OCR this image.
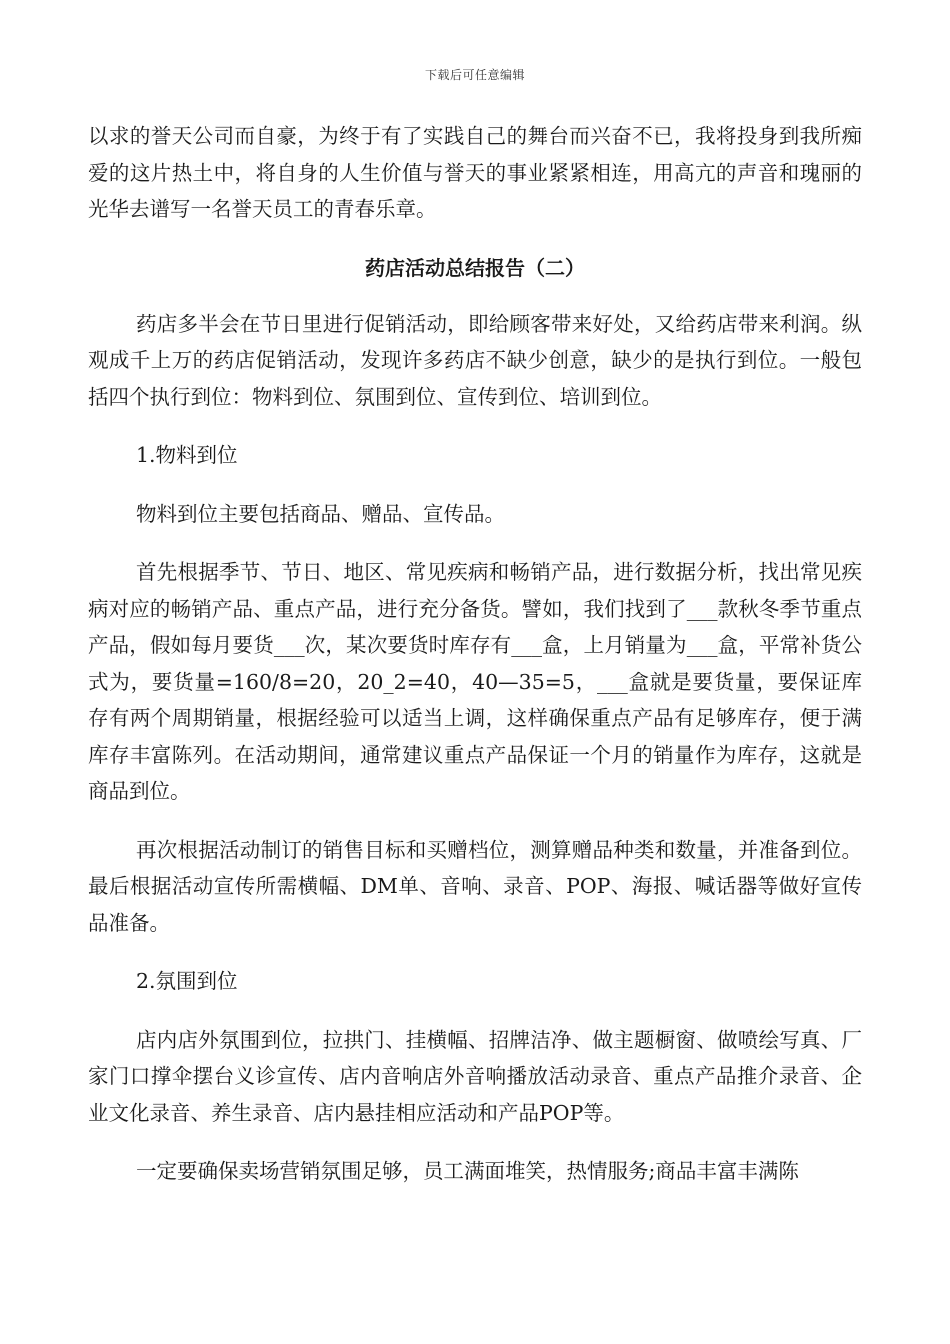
下载后可任意编辑

以求的誉天公司而自豪，为终于有了实践自己的舞台而兴奋不已，我将投身到我所痴爱的这片热土中，将自身的人生价值与誉天的事业紧紧相连，用高亢的声音和瑰丽的光华去谱写一名誉天员工的青春乐章。

药店活动总结报告（二）

药店多半会在节日里进行促销活动，即给顾客带来好处，又给药店带来利润。纵观成千上万的药店促销活动，发现许多药店不缺少创意，缺少的是执行到位。一般包括四个执行到位：物料到位、氛围到位、宣传到位、培训到位。

1.物料到位

物料到位主要包括商品、赠品、宣传品。

首先根据季节、节日、地区、常见疾病和畅销产品，进行数据分析，找出常见疾病对应的畅销产品、重点产品，进行充分备货。譬如，我们找到了___款秋冬季节重点产品，假如每月要货___次，某次要货时库存有___盒，上月销量为___盒，平常补货公式为，要货量=160/8=20，20_2=40，40—35=5，___盒就是要货量，要保证库存有两个周期销量，根据经验可以适当上调，这样确保重点产品有足够库存，便于满库存丰富陈列。在活动期间，通常建议重点产品保证一个月的销量作为库存，这就是商品到位。

再次根据活动制订的销售目标和买赠档位，测算赠品种类和数量，并准备到位。最后根据活动宣传所需横幅、DM单、音响、录音、POP、海报、喊话器等做好宣传品准备。

2.氛围到位

店内店外氛围到位，拉拱门、挂横幅、招牌洁净、做主题橱窗、做喷绘写真、厂家门口撑伞摆台义诊宣传、店内音响店外音响播放活动录音、重点产品推介录音、企业文化录音、养生录音、店内悬挂相应活动和产品POP等。

一定要确保卖场营销氛围足够，员工满面堆笑，热情服务;商品丰富丰满陈
